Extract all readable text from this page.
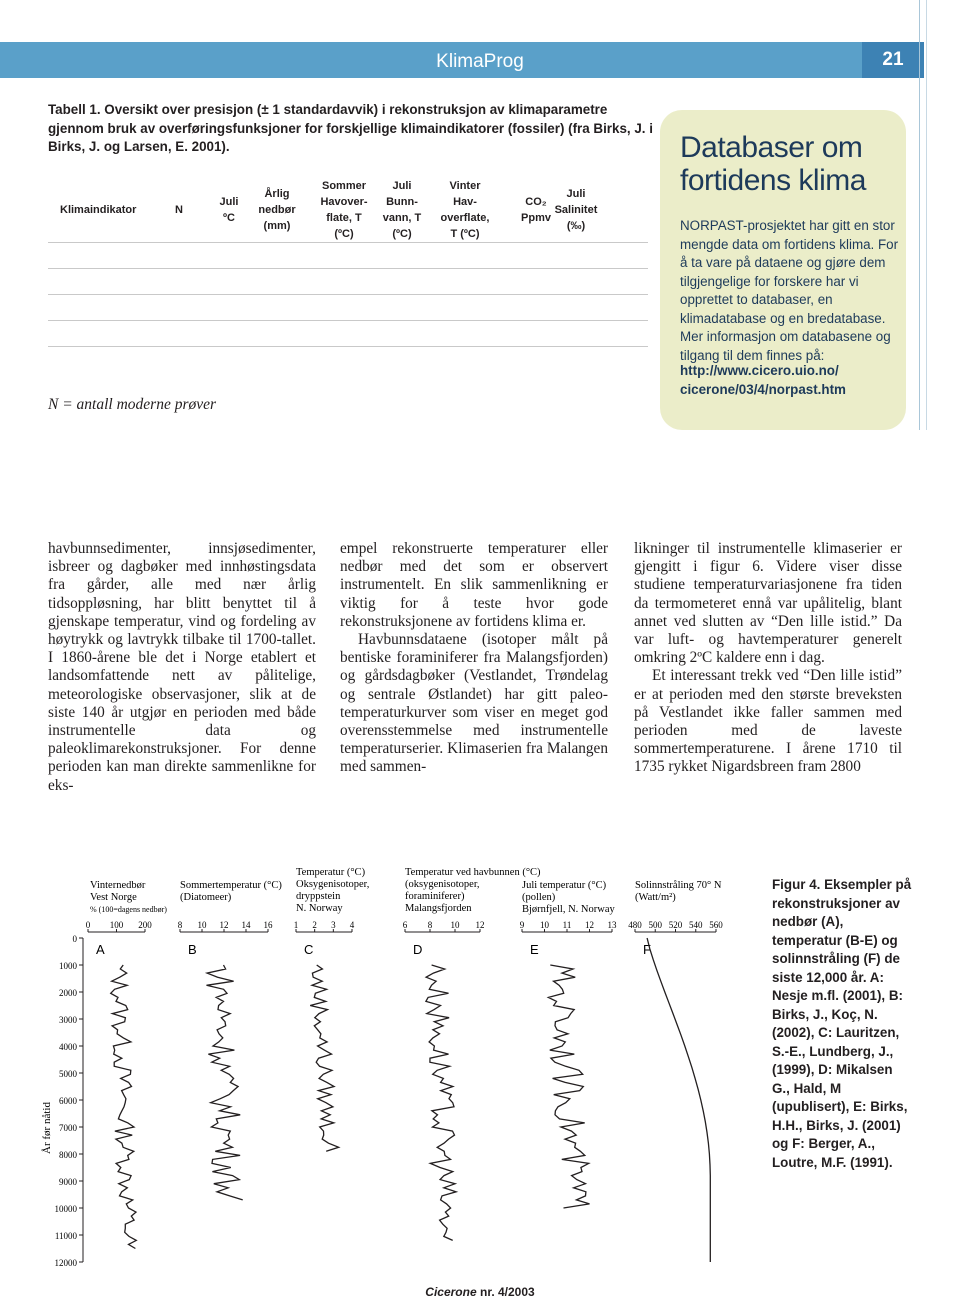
KlimaProg	21
Tabell 1. Oversikt over presisjon (± 1 standardavvik) i rekonstruksjon av klimaparametre gjennom bruk av overføringsfunksjoner for forskjellige klimaindikatorer (fossiler) (fra Birks, J. i Birks, J. og Larsen, E. 2001).
Klimaindikator	N
Juli
ºC
Årlig
nedbør
(mm)
Sommer
Havover-
flate, T
(ºC)
Juli
Bunn-
vann, T
(ºC)
Vinter
Hav-
overflate,
T (ºC)
CO₂
Ppmv
Juli
Salinitet
(‰)
N = antall moderne prøver
Databaser om
fortidens klima
NORPAST-prosjektet har gitt en stor mengde data om fortidens klima. For å ta vare på dataene og gjøre dem tilgjengelige for forskere har vi opprettet to databaser, en klimadatabase og en bredatabase. Mer informasjon om databasene og tilgang til dem finnes på:
http://www.cicero.uio.no/
cicerone/03/4/norpast.htm

havbunnsedimenter, innsjøsedimenter, isbreer og dagbøker med innhøstingsdata fra gårder, alle med nær årlig tidsoppløsning, har blitt benyttet til å gjenskape temperatur, vind og fordeling av høytrykk og lavtrykk tilbake til 1700-tallet. I 1860-årene ble det i Norge etablert et landsomfattende nett av pålitelige, meteorologiske observasjoner, slik at de siste 140 år utgjør en perioden med både instrumentelle data og paleoklimarekonstruksjoner. For denne perioden kan man direkte sammenlikne for eks-

empel rekonstruerte temperaturer eller nedbør med det som er observert instrumentelt. En slik sammenlikning er viktig for å teste hvor gode rekonstruksjonene av fortidens klima er.

Havbunnsdataene (isotoper målt på bentiske foraminiferer fra Malangsfjorden) og gårdsdagbøker (Vestlandet, Trøndelag og sentrale Østlandet) har gitt paleo-temperaturkurver som viser en meget god overensstemmelse med instrumentelle temperaturserier. Klimaserien fra Malangen med sammen-

likninger til instrumentelle klimaserier er gjengitt i figur 6. Videre viser disse studiene temperaturvariasjonene fra tiden da termometeret ennå var upålitelig, blant annet ved slutten av “Den lille istid.” Da var luft- og havtemperaturer generelt omkring 2ºC kaldere enn i dag.

Et interessant trekk ved “Den lille istid” er at perioden med den største breveksten på Vestlandet ikke faller sammen med perioden med de laveste sommertemperaturene. I årene 1710 til 1735 rykket Nigardsbreen fram 2800

0
1000
2000
3000
4000
5000
6000
7000
8000
9000
10000
11000
12000
År før nåtid
Vinternedbør
Vest Norge
% (100=dagens nedbør)
0 100 200
A
Sommertemperatur (°C)
(Diatomeer)
8 10 12 14 16
B
Temperatur (°C)
Oksygenisotoper,
dryppstein
N. Norway
1 2 3 4
C
Temperatur ved havbunnen (°C)
(oksygenisotoper,
foraminiferer)
Malangsfjorden
6 8 10 12
D
Juli temperatur (°C)
(pollen)
Bjørnfjell, N. Norway
9 10 11 12 13
E
Solinnstråling 70° N
(Watt/m²)
480 500 520 540 560
F
Figur 4. Eksempler på rekonstruksjoner av nedbør (A), temperatur (B-E) og solinnstråling (F) de siste 12,000 år. A: Nesje m.fl. (2001), B: Birks, J., Koç, N. (2002), C: Lauritzen, S.-E., Lundberg, J., (1999), D: Mikalsen G., Hald, M (upublisert), E: Birks, H.H., Birks, J. (2001) og F: Berger, A., Loutre, M.F. (1991).
Cicerone nr. 4/2003
